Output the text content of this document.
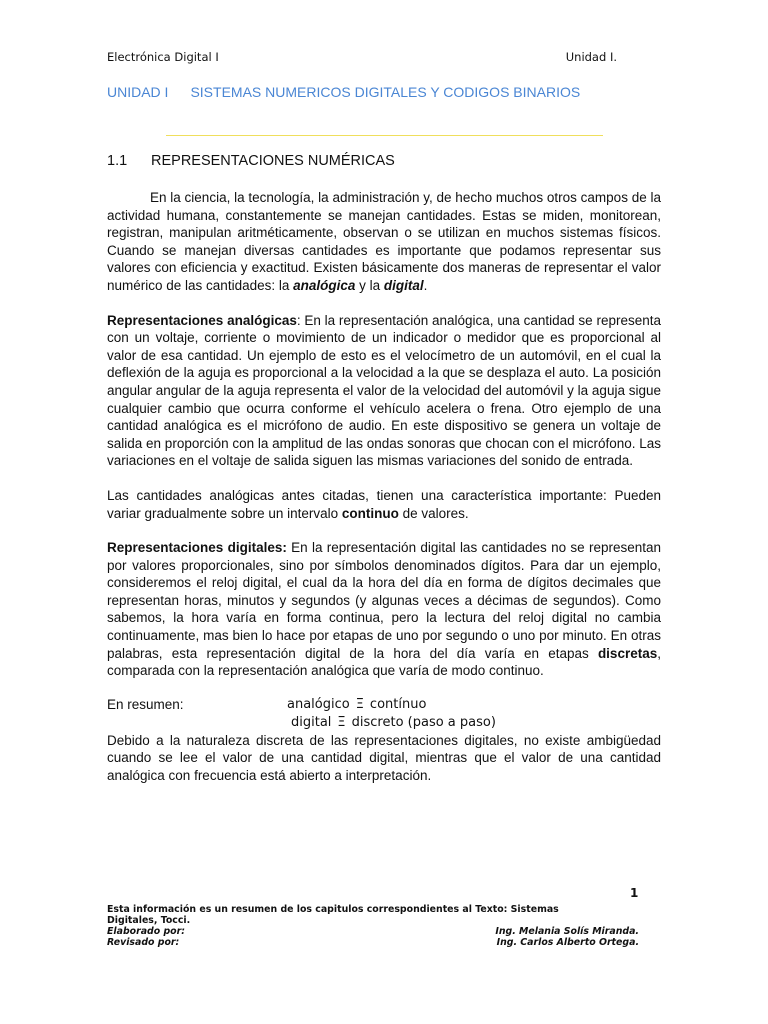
Electrónica Digital I	Unidad I.
UNIDAD I SISTEMAS NUMERICOS DIGITALES Y CODIGOS BINARIOS
1.1 REPRESENTACIONES NUMÉRICAS

En la ciencia, la tecnología, la administración y, de hecho muchos otros campos de la actividad humana, constantemente se manejan cantidades. Estas se miden, monitorean, registran, manipulan aritméticamente, observan o se utilizan en muchos sistemas físicos. Cuando se manejan diversas cantidades es importante que podamos representar sus valores con eficiencia y exactitud. Existen básicamente dos maneras de representar el valor numérico de las cantidades: la analógica y la digital.

Representaciones analógicas: En la representación analógica, una cantidad se representa con un voltaje, corriente o movimiento de un indicador o medidor que es proporcional al valor de esa cantidad. Un ejemplo de esto es el velocímetro de un automóvil, en el cual la deflexión de la aguja es proporcional a la velocidad a la que se desplaza el auto. La posición angular angular de la aguja representa el valor de la velocidad del automóvil y la aguja sigue cualquier cambio que ocurra conforme el vehículo acelera o frena. Otro ejemplo de una cantidad analógica es el micrófono de audio. En este dispositivo se genera un voltaje de salida en proporción con la amplitud de las ondas sonoras que chocan con el micrófono. Las variaciones en el voltaje de salida siguen las mismas variaciones del sonido de entrada.

Las cantidades analógicas antes citadas, tienen una característica importante: Pueden variar gradualmente sobre un intervalo continuo de valores.

Representaciones digitales: En la representación digital las cantidades no se representan por valores proporcionales, sino por símbolos denominados dígitos. Para dar un ejemplo, consideremos el reloj digital, el cual da la hora del día en forma de dígitos decimales que representan horas, minutos y segundos (y algunas veces a décimas de segundos). Como sabemos, la hora varía en forma continua, pero la lectura del reloj digital no cambia continuamente, mas bien lo hace por etapas de uno por segundo o uno por minuto. En otras palabras, esta representación digital de la hora del día varía en etapas discretas, comparada con la representación analógica que varía de modo continuo.

En resumen:	analógico Ξ contínuo
digital Ξ discreto (paso a paso)

Debido a la naturaleza discreta de las representaciones digitales, no existe ambigüedad cuando se lee el valor de una cantidad digital, mientras que el valor de una cantidad analógica con frecuencia está abierto a interpretación.

1
Esta información es un resumen de los capitulos correspondientes al Texto: Sistemas Digitales, Tocci.
Elaborado por:	Ing. Melania Solís Miranda.
Revisado por:	Ing. Carlos Alberto Ortega.
